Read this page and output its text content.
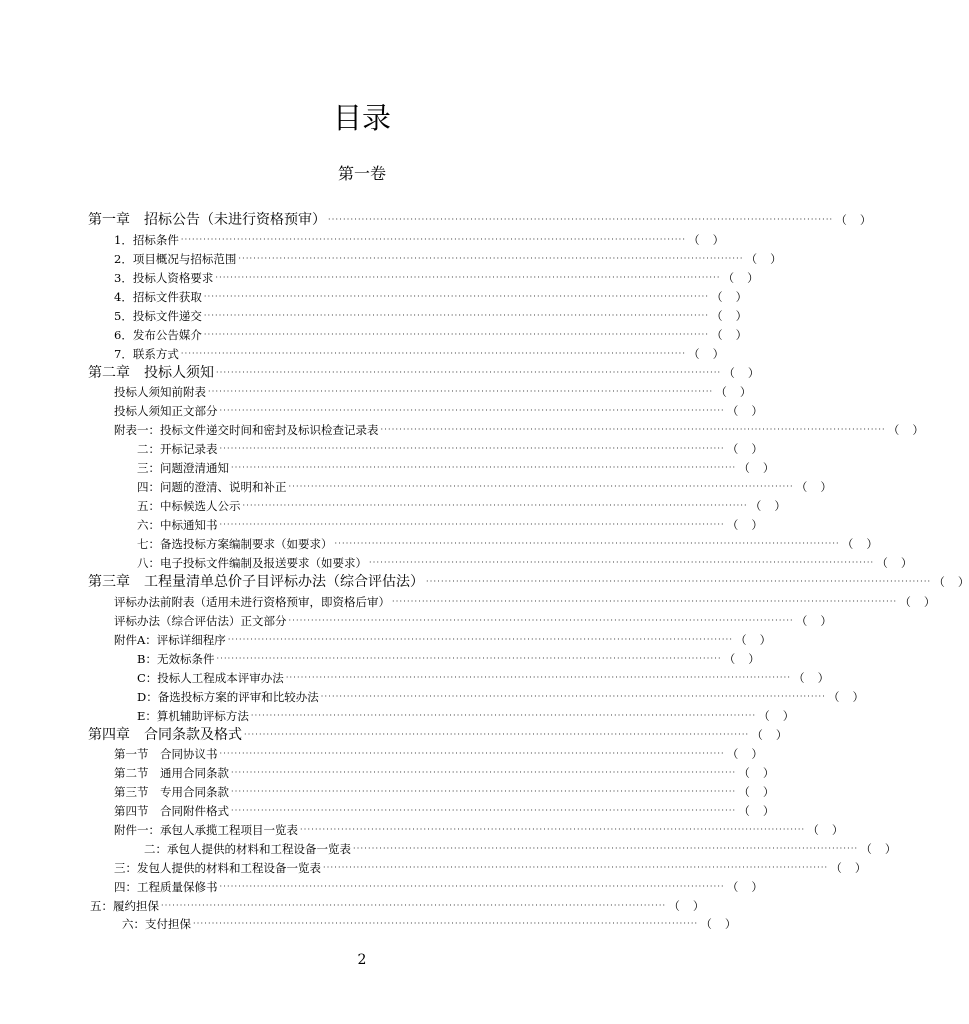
目录
第一卷
第一章　招标公告（未进行资格预审） ······································································································································· （ ）
1．招标条件 ······································································································································· （ ）
2．项目概况与招标范围 ······································································································································· （ ）
3．投标人资格要求 ······································································································································· （ ）
4．招标文件获取 ······································································································································· （ ）
5．投标文件递交 ······································································································································· （ ）
6．发布公告媒介 ······································································································································· （ ）
7．联系方式 ······································································································································· （ ）
第二章　投标人须知 ······································································································································· （ ）
投标人须知前附表 ······································································································································· （ ）
投标人须知正文部分 ······································································································································· （ ）
附表一：投标文件递交时间和密封及标识检查记录表 ······································································································································· （ ）
二：开标记录表 ······································································································································· （ ）
三：问题澄清通知 ······································································································································· （ ）
四：问题的澄清、说明和补正 ······································································································································· （ ）
五：中标候选人公示 ······································································································································· （ ）
六：中标通知书 ······································································································································· （ ）
七：备选投标方案编制要求（如要求） ······································································································································· （ ）
八：电子投标文件编制及报送要求（如要求） ······································································································································· （ ）
第三章　工程量清单总价子目评标办法（综合评估法） ······································································································································· （ ）
评标办法前附表（适用未进行资格预审，即资格后审） ······································································································································· （ ）
评标办法（综合评估法）正文部分 ······································································································································· （ ）
附件A：评标详细程序 ······································································································································· （ ）
B：无效标条件 ······································································································································· （ ）
C：投标人工程成本评审办法 ······································································································································· （ ）
D：备选投标方案的评审和比较办法 ······································································································································· （ ）
E：算机辅助评标方法 ······································································································································· （ ）
第四章　合同条款及格式 ······································································································································· （ ）
第一节　合同协议书 ······································································································································· （ ）
第二节　通用合同条款 ······································································································································· （ ）
第三节　专用合同条款 ······································································································································· （ ）
第四节　合同附件格式 ······································································································································· （ ）
附件一：承包人承揽工程项目一览表 ······································································································································· （ ）
二：承包人提供的材料和工程设备一览表 ······································································································································· （ ）
三：发包人提供的材料和工程设备一览表 ······································································································································· （ ）
四：工程质量保修书 ······································································································································· （ ）
五：履约担保 ······································································································································· （ ）
六：支付担保 ······································································································································· （ ）
2
